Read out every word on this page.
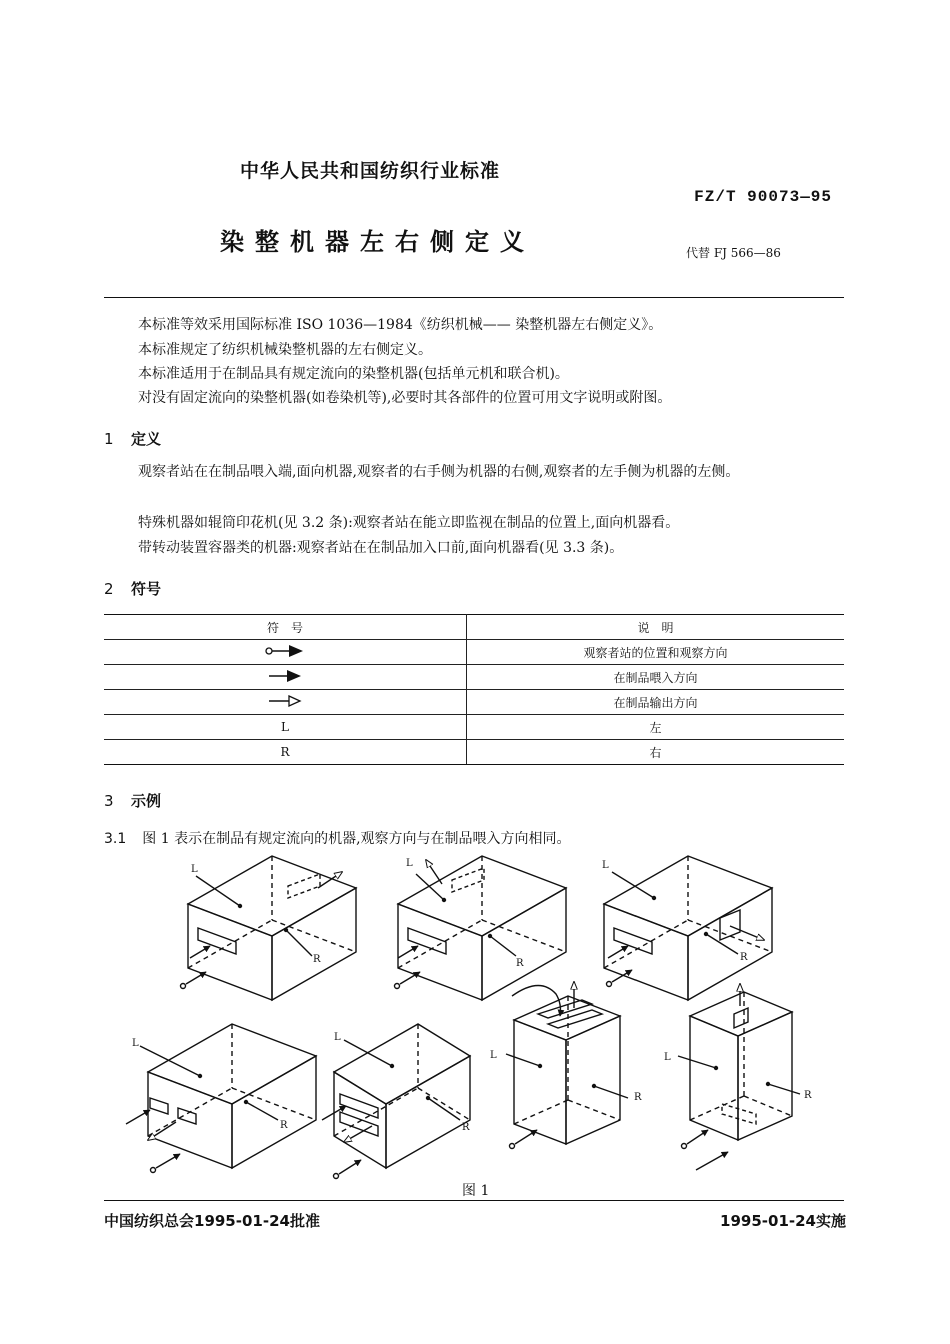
中华人民共和国纺织行业标准
FZ/T 90073—95
染整机器左右侧定义	代替 FJ 566—86
本标准等效采用国际标准 ISO 1036—1984《纺织机械—— 染整机器左右侧定义》。
本标准规定了纺织机械染整机器的左右侧定义。
本标准适用于在制品具有规定流向的染整机器(包括单元机和联合机)。
对没有固定流向的染整机器(如卷染机等),必要时其各部件的位置可用文字说明或附图。
1 定义
观察者站在在制品喂入端,面向机器,观察者的右手侧为机器的右侧,观察者的左手侧为机器的左侧。
特殊机器如辊筒印花机(见 3.2 条):观察者站在能立即监视在制品的位置上,面向机器看。
带转动装置容器类的机器:观察者站在在制品加入口前,面向机器看(见 3.3 条)。
2 符号
符　号	说　明
	观察者站的位置和观察方向
	在制品喂入方向
	在制品输出方向
L	左
R	右
3 示例
3.1 图 1 表示在制品有规定流向的机器,观察方向与在制品喂入方向相同。
L
R
L
R
L
R
L
R
L
R
L
R
L
R
图 1
中国纺织总会1995-01-24批准	1995-01-24实施
